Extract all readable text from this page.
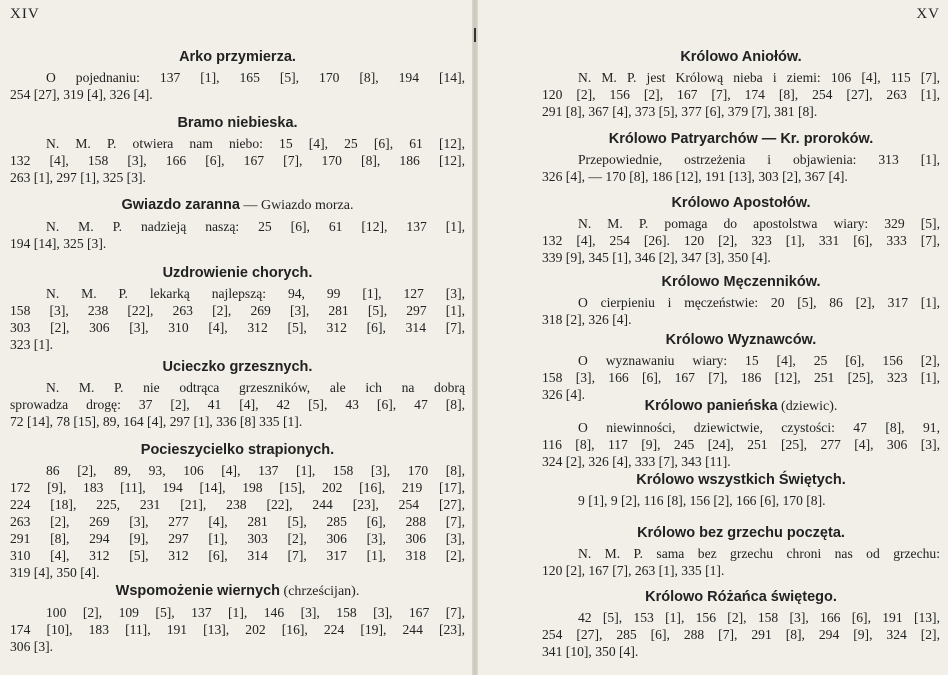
XIV
Arko przymierza.
O pojednaniu: 137 [1], 165 [5], 170 [8], 194 [14],
254 [27], 319 [4], 326 [4].
Bramo niebieska.
N. M. P. otwiera nam niebo: 15 [4], 25 [6], 61 [12],
132 [4], 158 [3], 166 [6], 167 [7], 170 [8], 186 [12],
263 [1], 297 [1], 325 [3].
Gwiazdo zaranna — Gwiazdo morza.
N. M. P. nadzieją naszą: 25 [6], 61 [12], 137 [1],
194 [14], 325 [3].
Uzdrowienie chorych.
N. M. P. lekarką najlepszą: 94, 99 [1], 127 [3],
158 [3], 238 [22], 263 [2], 269 [3], 281 [5], 297 [1],
303 [2], 306 [3], 310 [4], 312 [5], 312 [6], 314 [7],
323 [1].
Ucieczko grzesznych.
N. M. P. nie odtrąca grzeszników, ale ich na dobrą
sprowadza drogę: 37 [2], 41 [4], 42 [5], 43 [6], 47 [8],
72 [14], 78 [15], 89, 164 [4], 297 [1], 336 [8] 335 [1].
Pocieszycielko strapionych.
86 [2], 89, 93, 106 [4], 137 [1], 158 [3], 170 [8],
172 [9], 183 [11], 194 [14], 198 [15], 202 [16], 219 [17],
224 [18], 225, 231 [21], 238 [22], 244 [23], 254 [27],
263 [2], 269 [3], 277 [4], 281 [5], 285 [6], 288 [7],
291 [8], 294 [9], 297 [1], 303 [2], 306 [3], 306 [3],
310 [4], 312 [5], 312 [6], 314 [7], 317 [1], 318 [2],
319 [4], 350 [4].
Wspomożenie wiernych (chrześcijan).
100 [2], 109 [5], 137 [1], 146 [3], 158 [3], 167 [7],
174 [10], 183 [11], 191 [13], 202 [16], 224 [19], 244 [23],
306 [3].
XV
Królowo Aniołów.
N. M. P. jest Królową nieba i ziemi: 106 [4], 115 [7],
120 [2], 156 [2], 167 [7], 174 [8], 254 [27], 263 [1],
291 [8], 367 [4], 373 [5], 377 [6], 379 [7], 381 [8].
Królowo Patryarchów — Kr. proroków.
Przepowiednie, ostrzeżenia i objawienia: 313 [1],
326 [4], — 170 [8], 186 [12], 191 [13], 303 [2], 367 [4].
Królowo Apostołów.
N. M. P. pomaga do apostolstwa wiary: 329 [5],
132 [4], 254 [26]. 120 [2], 323 [1], 331 [6], 333 [7],
339 [9], 345 [1], 346 [2], 347 [3], 350 [4].
Królowo Męczenników.
O cierpieniu i męczeństwie: 20 [5], 86 [2], 317 [1],
318 [2], 326 [4].
Królowo Wyznawców.
O wyznawaniu wiary: 15 [4], 25 [6], 156 [2],
158 [3], 166 [6], 167 [7], 186 [12], 251 [25], 323 [1],
326 [4].
Królowo panieńska (dziewic).
O niewinności, dziewictwie, czystości: 47 [8], 91,
116 [8], 117 [9], 245 [24], 251 [25], 277 [4], 306 [3],
324 [2], 326 [4], 333 [7], 343 [11].
Królowo wszystkich Świętych.
9 [1], 9 [2], 116 [8], 156 [2], 166 [6], 170 [8].
Królowo bez grzechu poczęta.
N. M. P. sama bez grzechu chroni nas od grzechu:
120 [2], 167 [7], 263 [1], 335 [1].
Królowo Różańca świętego.
42 [5], 153 [1], 156 [2], 158 [3], 166 [6], 191 [13],
254 [27], 285 [6], 288 [7], 291 [8], 294 [9], 324 [2],
341 [10], 350 [4].
